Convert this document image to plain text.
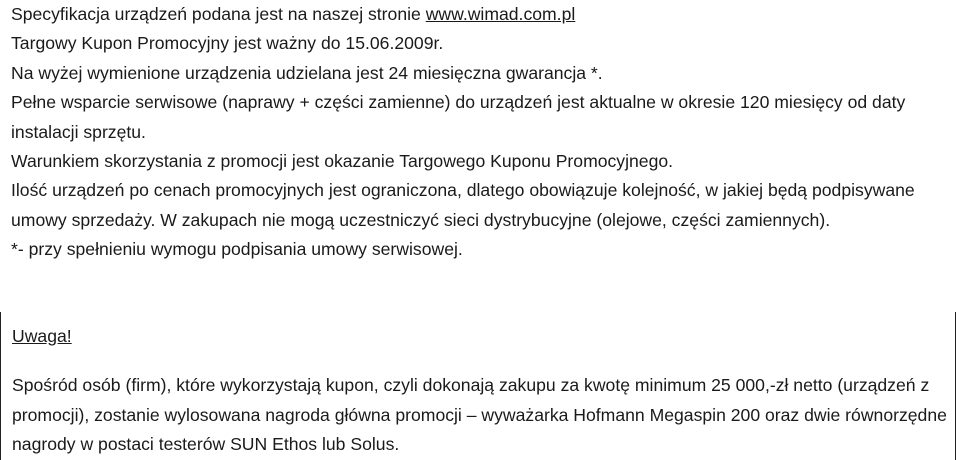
Specyfikacja urządzeń podana jest na naszej stronie www.wimad.com.pl

Targowy Kupon Promocyjny jest ważny do 15.06.2009r.

Na wyżej wymienione urządzenia udzielana jest 24 miesięczna gwarancja *.

Pełne wsparcie serwisowe (naprawy + części zamienne) do urządzeń jest aktualne w okresie 120 miesięcy od daty instalacji sprzętu.

Warunkiem skorzystania z promocji jest okazanie Targowego Kuponu Promocyjnego.

Ilość urządzeń po cenach promocyjnych jest ograniczona, dlatego obowiązuje kolejność, w jakiej będą podpisywane umowy sprzedaży. W zakupach nie mogą uczestniczyć sieci dystrybucyjne (olejowe, części zamiennych).

*- przy spełnieniu wymogu podpisania umowy serwisowej.

Uwaga!

Spośród osób (firm), które wykorzystają kupon, czyli dokonają zakupu za kwotę minimum 25 000,-zł netto (urządzeń z promocji), zostanie wylosowana nagroda główna promocji – wyważarka Hofmann Megaspin 200 oraz dwie równorzędne nagrody w postaci testerów SUN Ethos lub Solus.
